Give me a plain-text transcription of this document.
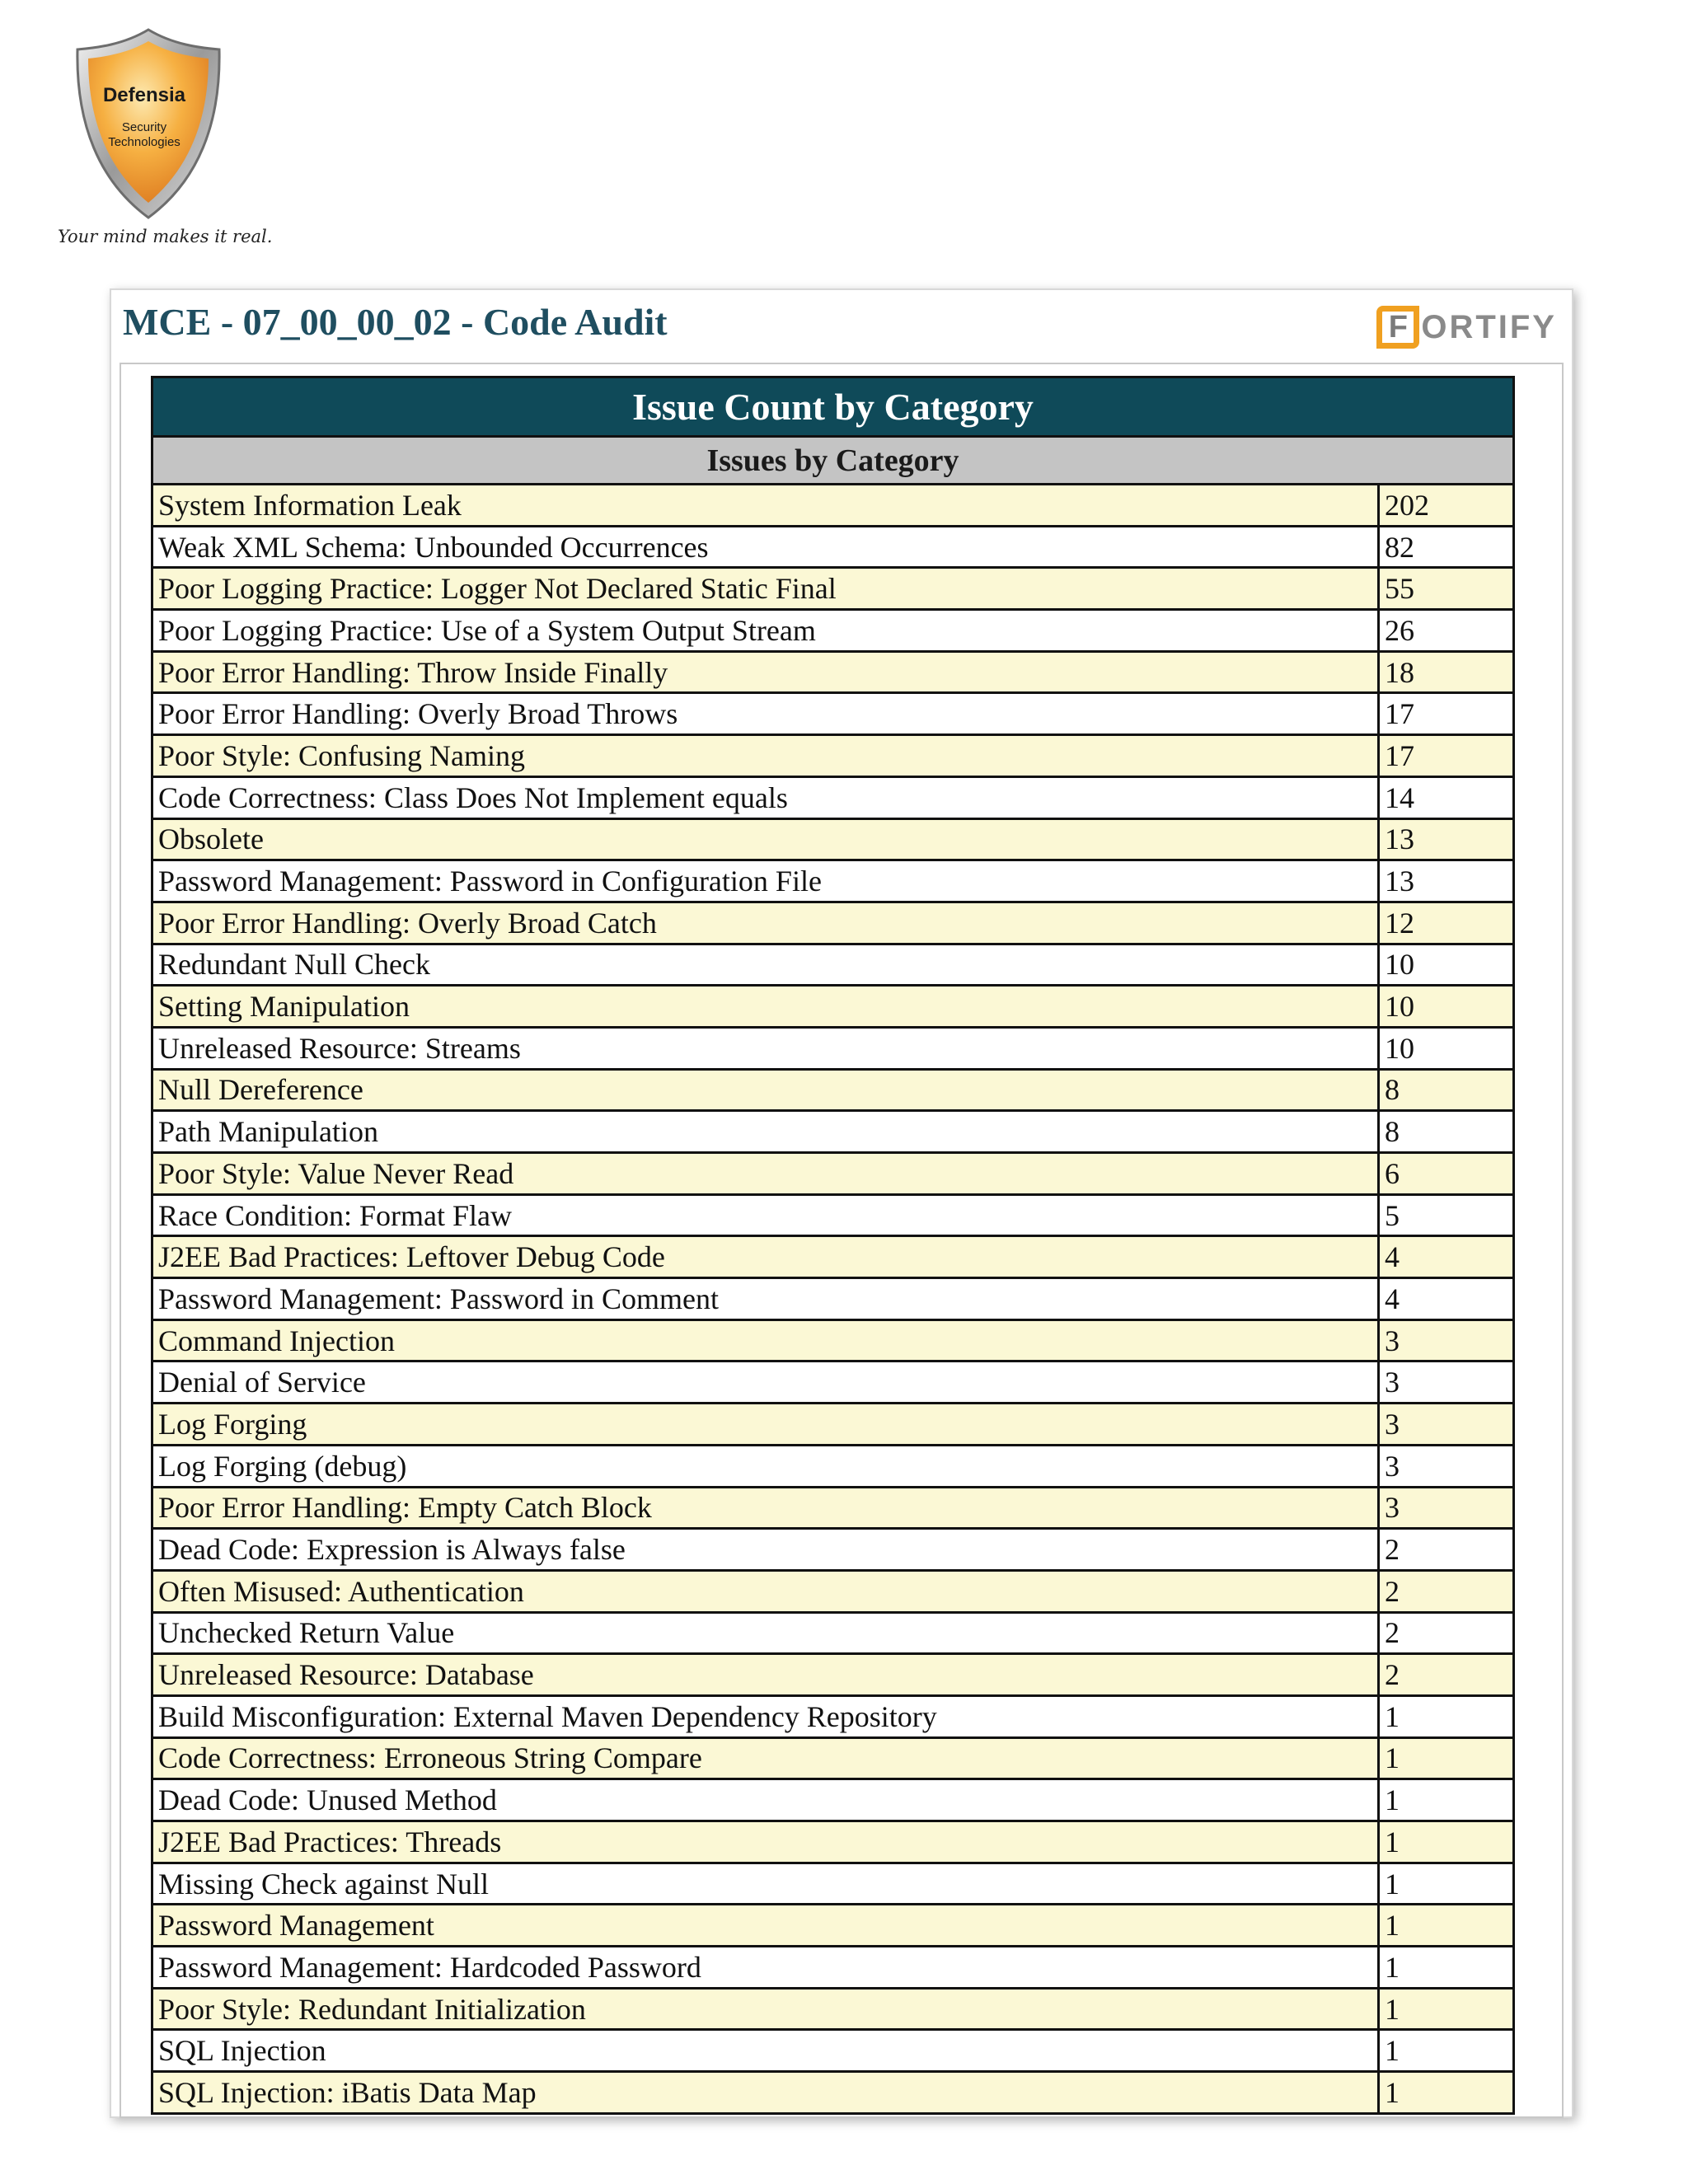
Defensia
Security
Technologies
Your mind makes it real.
MCE - 07_00_00_02 - Code Audit	F ORTIFY
Issue Count by Category	
Issues by Category	
System Information Leak	202
Weak XML Schema: Unbounded Occurrences	82
Poor Logging Practice: Logger Not Declared Static Final	55
Poor Logging Practice: Use of a System Output Stream	26
Poor Error Handling: Throw Inside Finally	18
Poor Error Handling: Overly Broad Throws	17
Poor Style: Confusing Naming	17
Code Correctness: Class Does Not Implement equals	14
Obsolete	13
Password Management: Password in Configuration File	13
Poor Error Handling: Overly Broad Catch	12
Redundant Null Check	10
Setting Manipulation	10
Unreleased Resource: Streams	10
Null Dereference	8
Path Manipulation	8
Poor Style: Value Never Read	6
Race Condition: Format Flaw	5
J2EE Bad Practices: Leftover Debug Code	4
Password Management: Password in Comment	4
Command Injection	3
Denial of Service	3
Log Forging	3
Log Forging (debug)	3
Poor Error Handling: Empty Catch Block	3
Dead Code: Expression is Always false	2
Often Misused: Authentication	2
Unchecked Return Value	2
Unreleased Resource: Database	2
Build Misconfiguration: External Maven Dependency Repository	1
Code Correctness: Erroneous String Compare	1
Dead Code: Unused Method	1
J2EE Bad Practices: Threads	1
Missing Check against Null	1
Password Management	1
Password Management: Hardcoded Password	1
Poor Style: Redundant Initialization	1
SQL Injection	1
SQL Injection: iBatis Data Map	1
